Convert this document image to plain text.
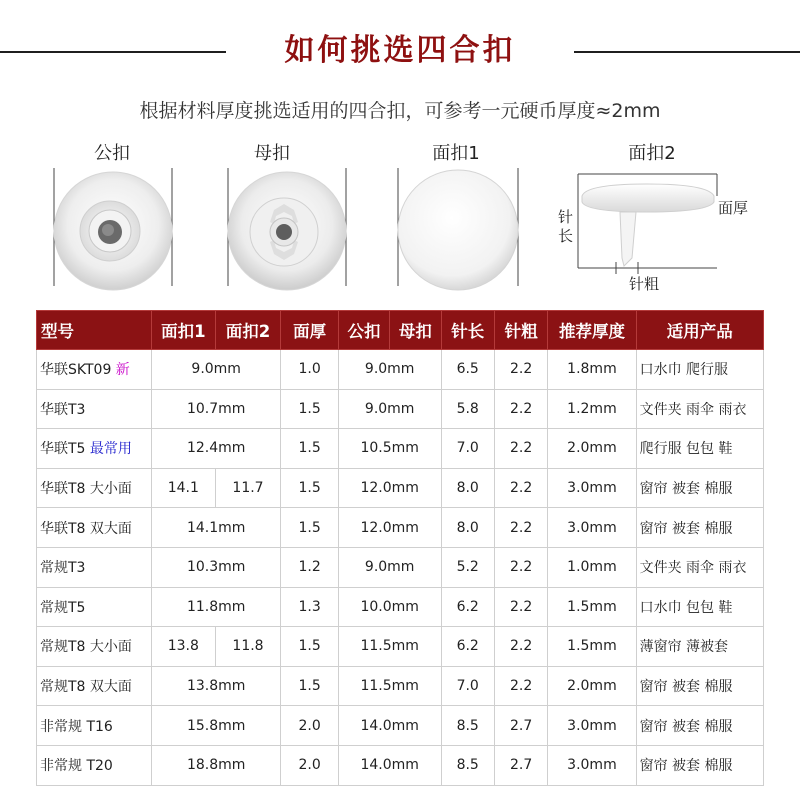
如何挑选四合扣
根据材料厚度挑选适用的四合扣，可参考一元硬币厚度≈2mm
公扣	母扣	面扣1	面扣2
面厚
针长
针粗
型号	面扣1	面扣2	面厚	公扣	母扣	针长	针粗	推荐厚度	适用产品
华联SKT09 新	9.0mm		1.0	9.0mm		6.5	2.2	1.8mm	口水巾 爬行服
华联T3	10.7mm		1.5	9.0mm		5.8	2.2	1.2mm	文件夹 雨伞 雨衣
华联T5 最常用	12.4mm		1.5	10.5mm		7.0	2.2	2.0mm	爬行服 包包 鞋
华联T8 大小面	14.1	11.7	1.5	12.0mm		8.0	2.2	3.0mm	窗帘 被套 棉服
华联T8 双大面	14.1mm		1.5	12.0mm		8.0	2.2	3.0mm	窗帘 被套 棉服
常规T3	10.3mm		1.2	9.0mm		5.2	2.2	1.0mm	文件夹 雨伞 雨衣
常规T5	11.8mm		1.3	10.0mm		6.2	2.2	1.5mm	口水巾 包包 鞋
常规T8 大小面	13.8	11.8	1.5	11.5mm		6.2	2.2	1.5mm	薄窗帘 薄被套
常规T8 双大面	13.8mm		1.5	11.5mm		7.0	2.2	2.0mm	窗帘 被套 棉服
非常规 T16	15.8mm		2.0	14.0mm		8.5	2.7	3.0mm	窗帘 被套 棉服
非常规 T20	18.8mm		2.0	14.0mm		8.5	2.7	3.0mm	窗帘 被套 棉服
